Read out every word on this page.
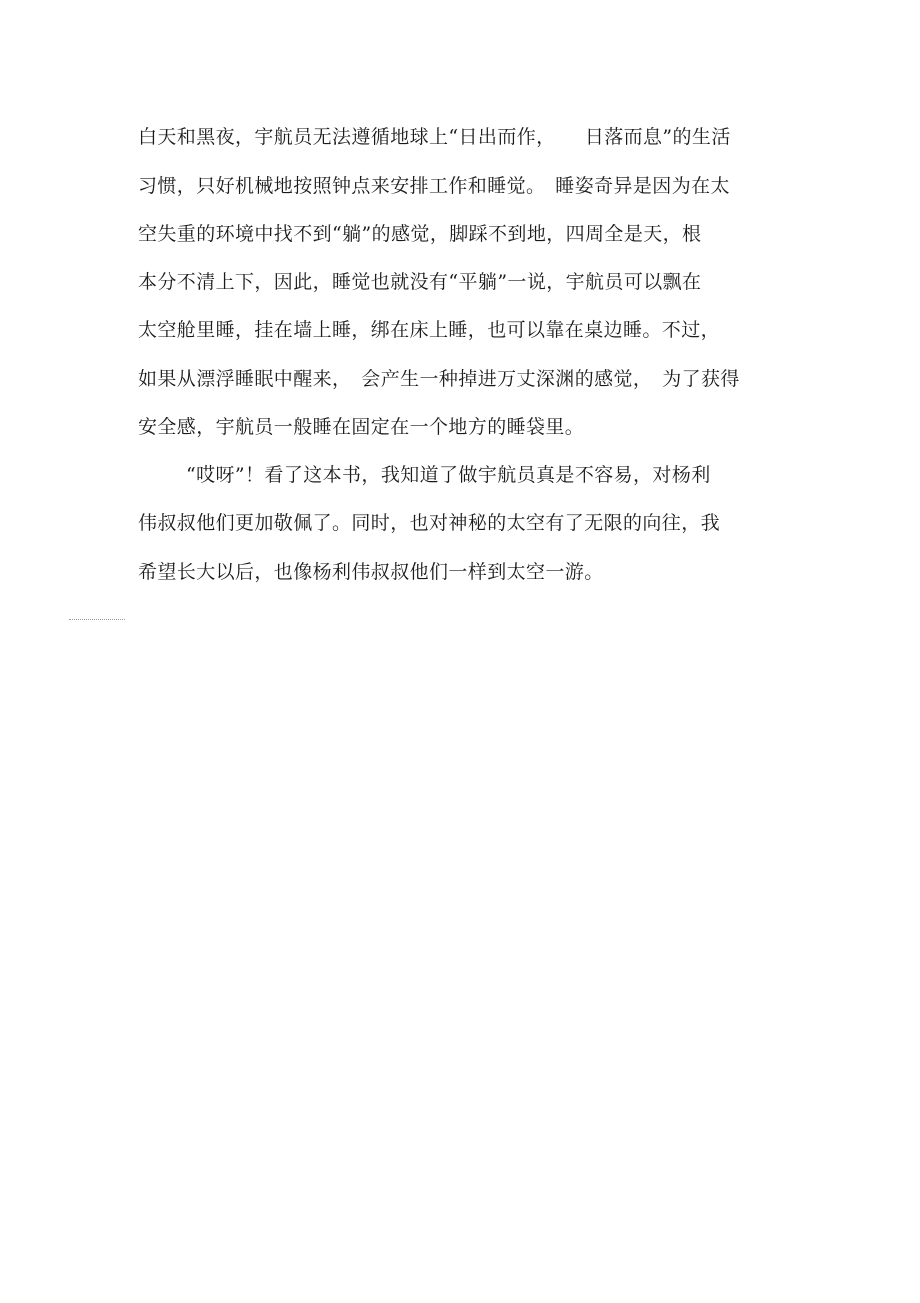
白天和黑夜，宇航员无法遵循地球上“日出而作，　　日落而息”的生活
习惯，只好机械地按照钟点来安排工作和睡觉。　睡姿奇异是因为在太
空失重的环境中找不到“躺”的感觉，脚踩不到地，四周全是天，根
本分不清上下，因此，睡觉也就没有“平躺”一说，宇航员可以飘在
太空舱里睡，挂在墙上睡，绑在床上睡，也可以靠在桌边睡。不过，
如果从漂浮睡眠中醒来，　会产生一种掉进万丈深渊的感觉，　为了获得
安全感，宇航员一般睡在固定在一个地方的睡袋里。
“哎呀”！看了这本书，我知道了做宇航员真是不容易，对杨利
伟叔叔他们更加敬佩了。同时，也对神秘的太空有了无限的向往，我
希望长大以后，也像杨利伟叔叔他们一样到太空一游。
